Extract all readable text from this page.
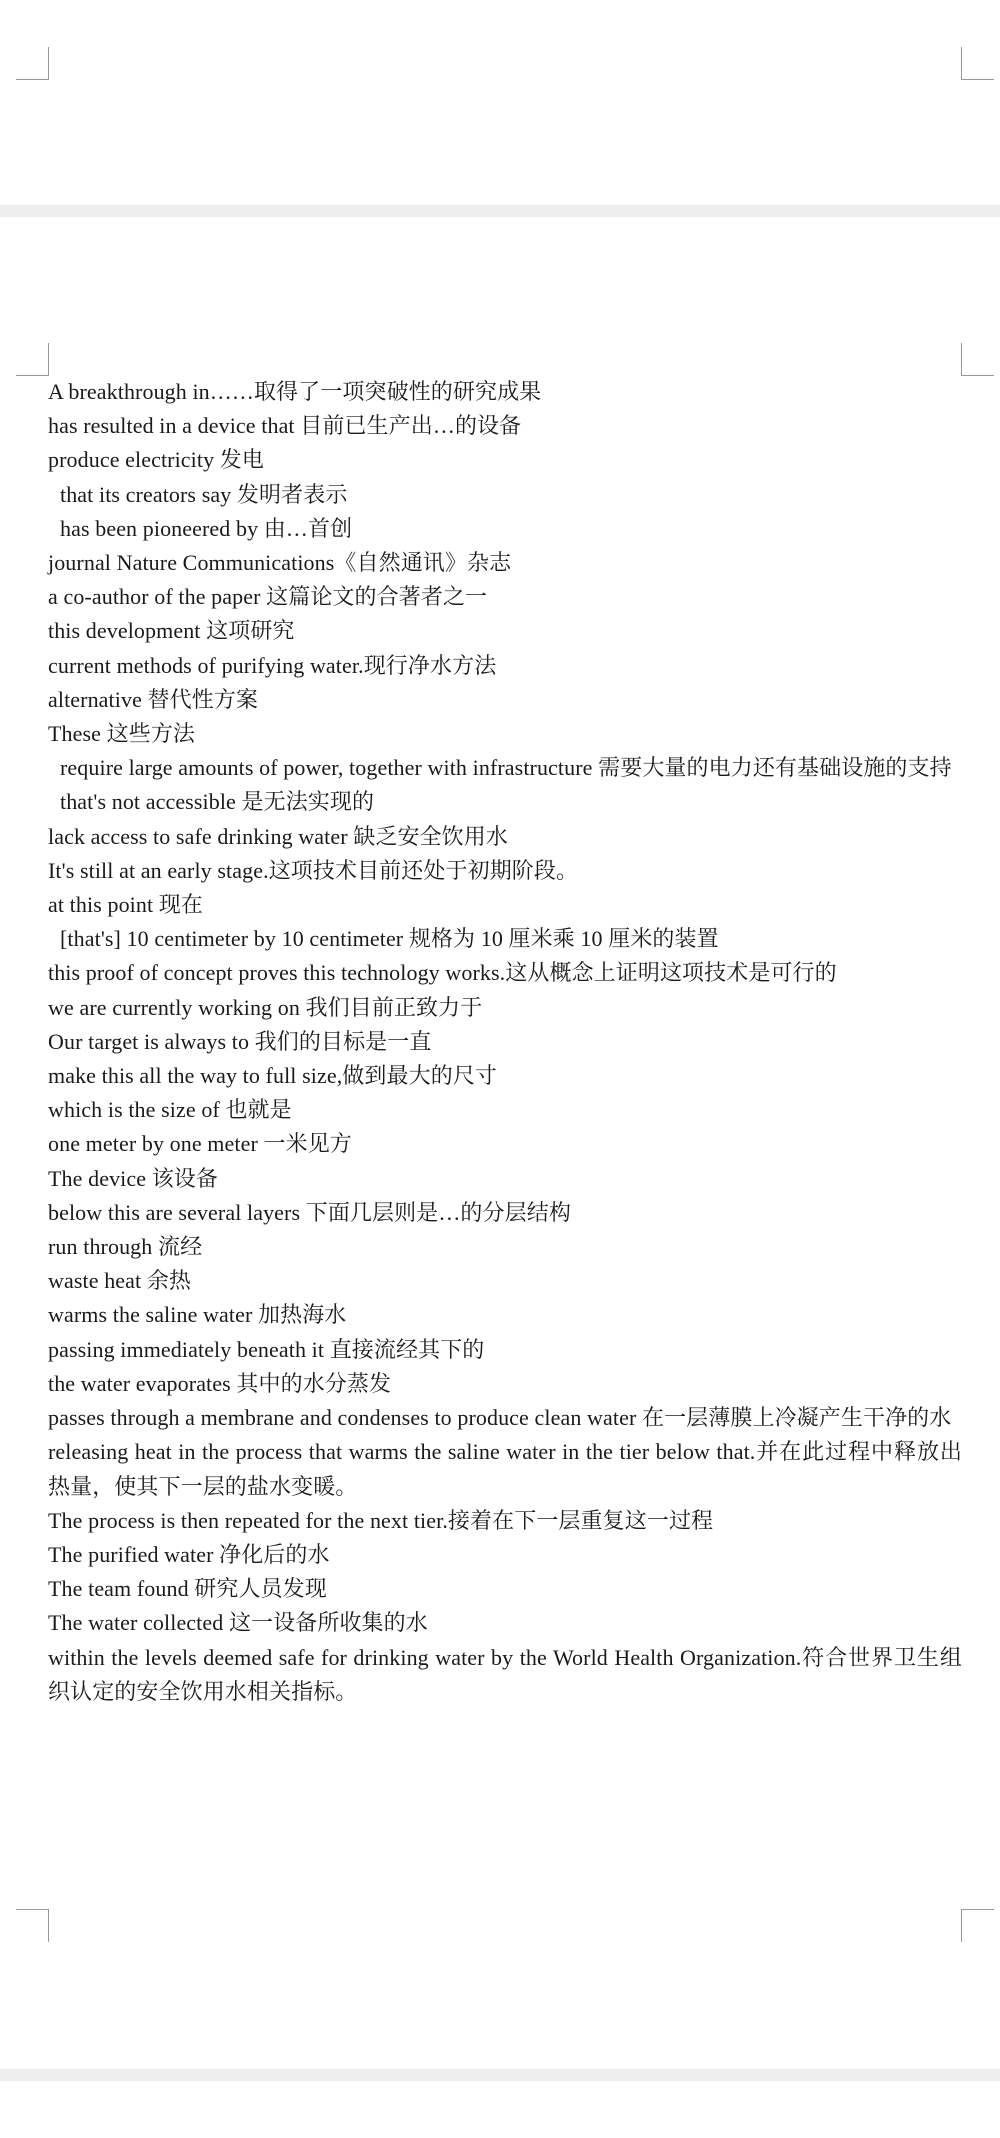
A breakthrough in……取得了一项突破性的研究成果

has resulted in a device that 目前已生产出…的设备

produce electricity 发电

that its creators say 发明者表示

has been pioneered by 由…首创

journal Nature Communications《自然通讯》杂志

a co-author of the paper 这篇论文的合著者之一

this development 这项研究

current methods of purifying water.现行净水方法

alternative 替代性方案

These 这些方法

require large amounts of power, together with infrastructure 需要大量的电力还有基础设施的支持

that's not accessible 是无法实现的

lack access to safe drinking water 缺乏安全饮用水

It's still at an early stage.这项技术目前还处于初期阶段。

at this point 现在

[that's] 10 centimeter by 10 centimeter 规格为 10 厘米乘 10 厘米的装置

this proof of concept proves this technology works.这从概念上证明这项技术是可行的

we are currently working on 我们目前正致力于

Our target is always to 我们的目标是一直

make this all the way to full size,做到最大的尺寸

which is the size of 也就是

one meter by one meter 一米见方

The device 该设备

below this are several layers 下面几层则是…的分层结构

run through 流经

waste heat 余热

warms the saline water 加热海水

passing immediately beneath it 直接流经其下的

the water evaporates 其中的水分蒸发

passes through a membrane and condenses to produce clean water 在一层薄膜上冷凝产生干净的水

releasing heat in the process that warms the saline water in the tier below that.并在此过程中释放出热量，使其下一层的盐水变暖。

The process is then repeated for the next tier.接着在下一层重复这一过程

The purified water 净化后的水

The team found 研究人员发现

The water collected 这一设备所收集的水

within the levels deemed safe for drinking water by the World Health Organization.符合世界卫生组织认定的安全饮用水相关指标。
